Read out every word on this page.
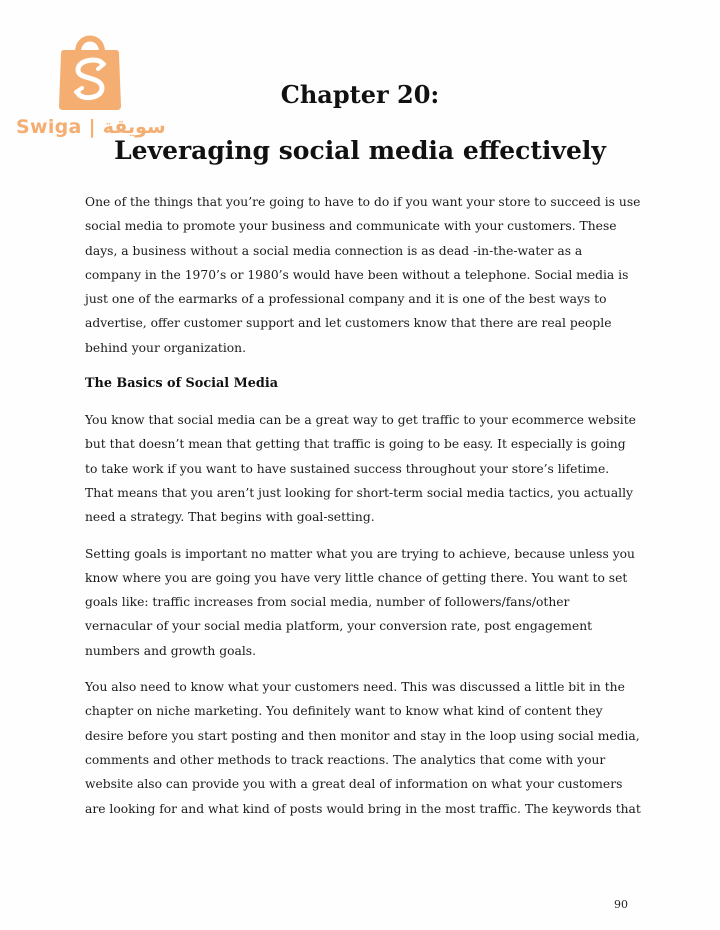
Swiga | سويقة
Chapter 20:
Leveraging social media effectively

One of the things that you’re going to have to do if you want your store to succeed is use
social media to promote your business and communicate with your customers. These
days, a business without a social media connection is as dead -in-the-water as a
company in the 1970’s or 1980’s would have been without a telephone. Social media is
just one of the earmarks of a professional company and it is one of the best ways to
advertise, offer customer support and let customers know that there are real people
behind your organization.

The Basics of Social Media

You know that social media can be a great way to get traffic to your ecommerce website
but that doesn’t mean that getting that traffic is going to be easy. It especially is going
to take work if you want to have sustained success throughout your store’s lifetime.
That means that you aren’t just looking for short-term social media tactics, you actually
need a strategy. That begins with goal-setting.

Setting goals is important no matter what you are trying to achieve, because unless you
know where you are going you have very little chance of getting there. You want to set
goals like: traffic increases from social media, number of followers/fans/other
vernacular of your social media platform, your conversion rate, post engagement
numbers and growth goals.

You also need to know what your customers need. This was discussed a little bit in the
chapter on niche marketing. You definitely want to know what kind of content they
desire before you start posting and then monitor and stay in the loop using social media,
comments and other methods to track reactions. The analytics that come with your
website also can provide you with a great deal of information on what your customers
are looking for and what kind of posts would bring in the most traffic. The keywords that

90
